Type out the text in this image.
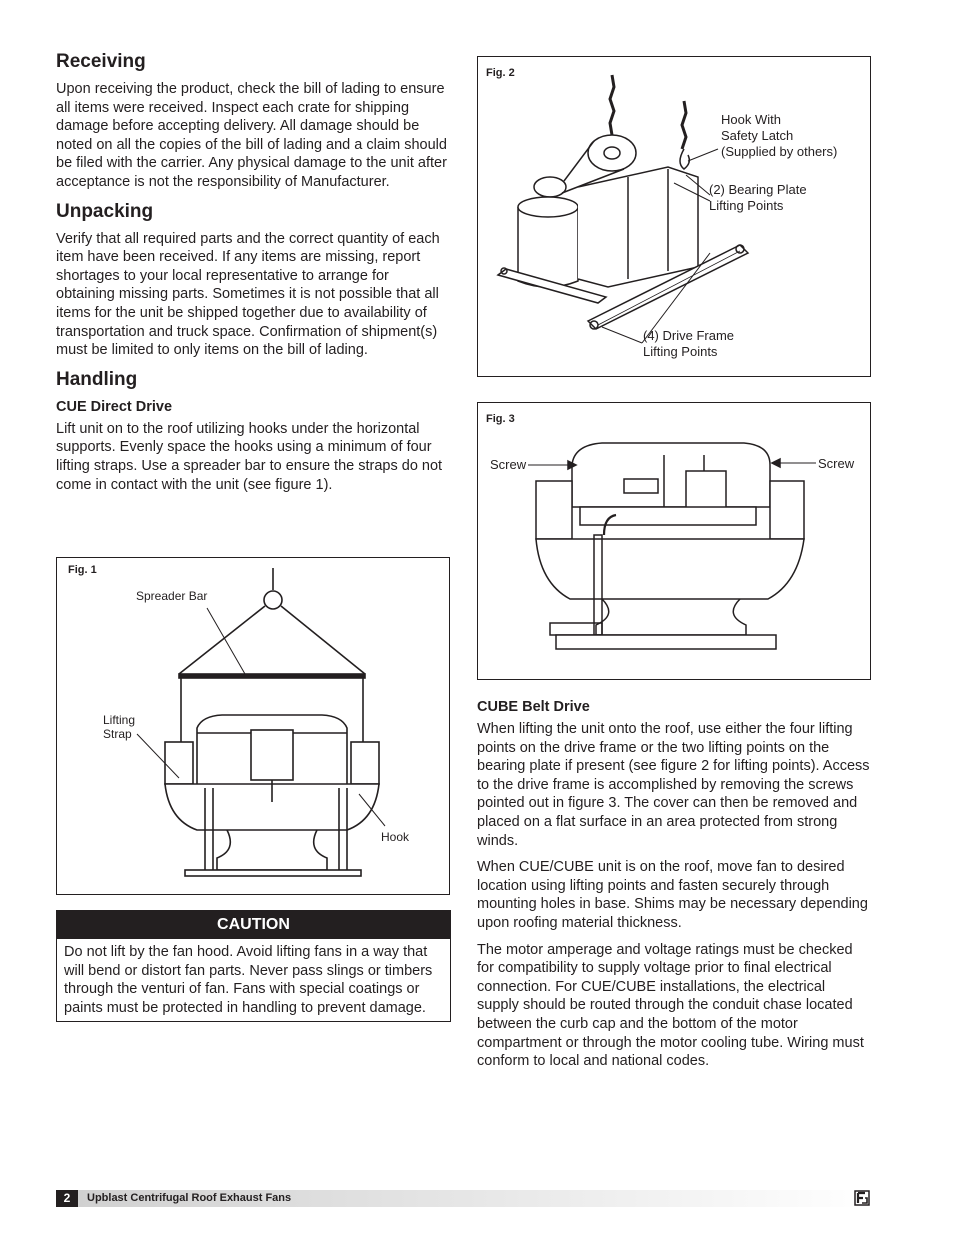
Receiving

Upon receiving the product, check the bill of lading to ensure all items were received. Inspect each crate for shipping damage before accepting delivery. All damage should be noted on all the copies of the bill of lading and a claim should be filed with the carrier. Any physical damage to the unit after acceptance is not the responsibility of Manufacturer.

Unpacking

Verify that all required parts and the correct quantity of each item have been received. If any items are missing, report shortages to your local representative to arrange for obtaining missing parts. Sometimes it is not possible that all items for the unit be shipped together due to availability of transportation and truck space. Confirmation of shipment(s) must be limited to only items on the bill of lading.

Handling
CUE Direct Drive

Lift unit on to the roof utilizing hooks under the horizontal supports. Evenly space the hooks using a minimum of four lifting straps. Use a spreader bar to ensure the straps do not come in contact with the unit (see figure 1).

Fig. 1
Spreader Bar
Lifting
Strap
Hook
CAUTION
Do not lift by the fan hood. Avoid lifting fans in a way that will bend or distort fan parts. Never pass slings or timbers through the venturi of fan. Fans with special coatings or paints must be protected in handling to prevent damage.
Fig. 2
Hook With
Safety Latch
(Supplied by others)
(2) Bearing Plate
Lifting Points
(4) Drive Frame
Lifting Points
Fig. 3
Screw	Screw
CUBE Belt Drive

When lifting the unit onto the roof, use either the four lifting points on the drive frame or the two lifting points on the bearing plate if present (see figure 2 for lifting points). Access to the drive frame is accomplished by removing the screws pointed out in figure 3. The cover can then be removed and placed on a flat surface in an area protected from strong winds.

When CUE/CUBE unit is on the roof, move fan to desired location using lifting points and fasten securely through mounting holes in base. Shims may be necessary depending upon roofing material thickness.

The motor amperage and voltage ratings must be checked for compatibility to supply voltage prior to final electrical connection. For CUE/CUBE installations, the electrical supply should be routed through the conduit chase located between the curb cap and the bottom of the motor compartment or through the motor cooling tube. Wiring must conform to local and national codes.

2	Upblast Centrifugal Roof Exhaust Fans
